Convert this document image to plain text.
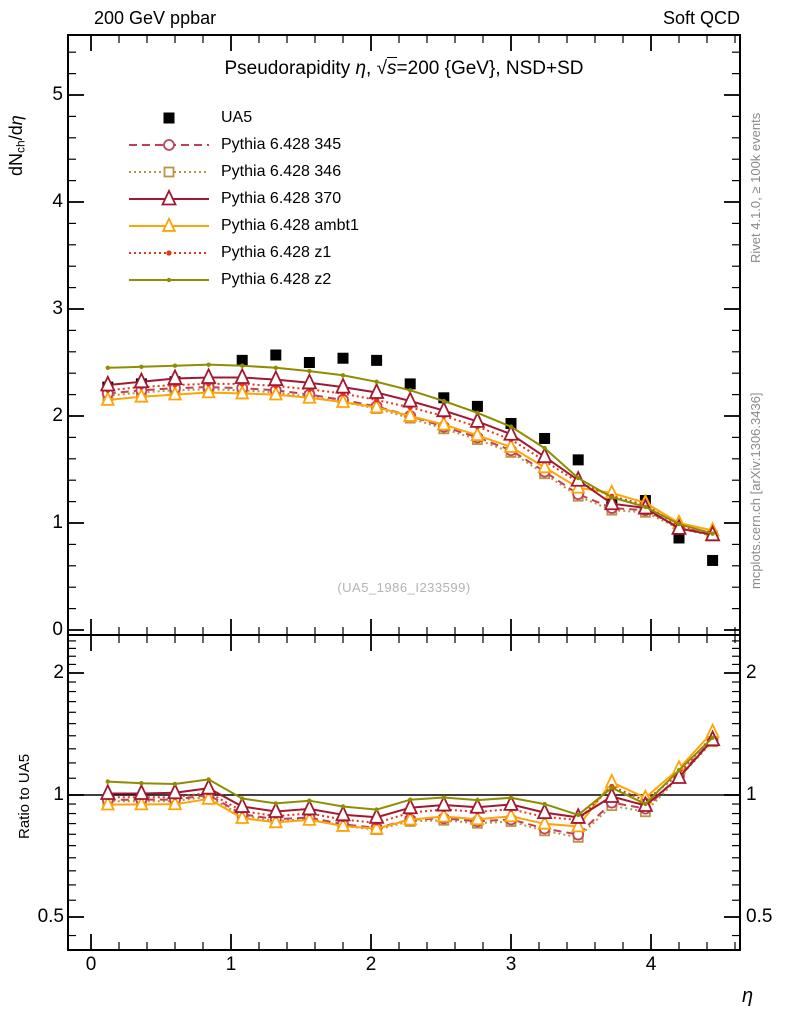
200 GeV ppbar	Soft QCD
Pseudorapidity η, √s=200 {GeV}, NSD+SD
UA5
Pythia 6.428 345
Pythia 6.428 346
Pythia 6.428 370
Pythia 6.428 ambt1
Pythia 6.428 z1
Pythia 6.428 z2
(UA5_1986_I233599)
$dN_{ch}/d\eta$
Ratio to UA5
Rivet 4.1.0, ≥ 100k events
mcplots.cern.ch [arXiv:1306.3436]
η
0
1
2
3
4
5
0	1	2	3	4
0.5	0.5
1	1
2	2
